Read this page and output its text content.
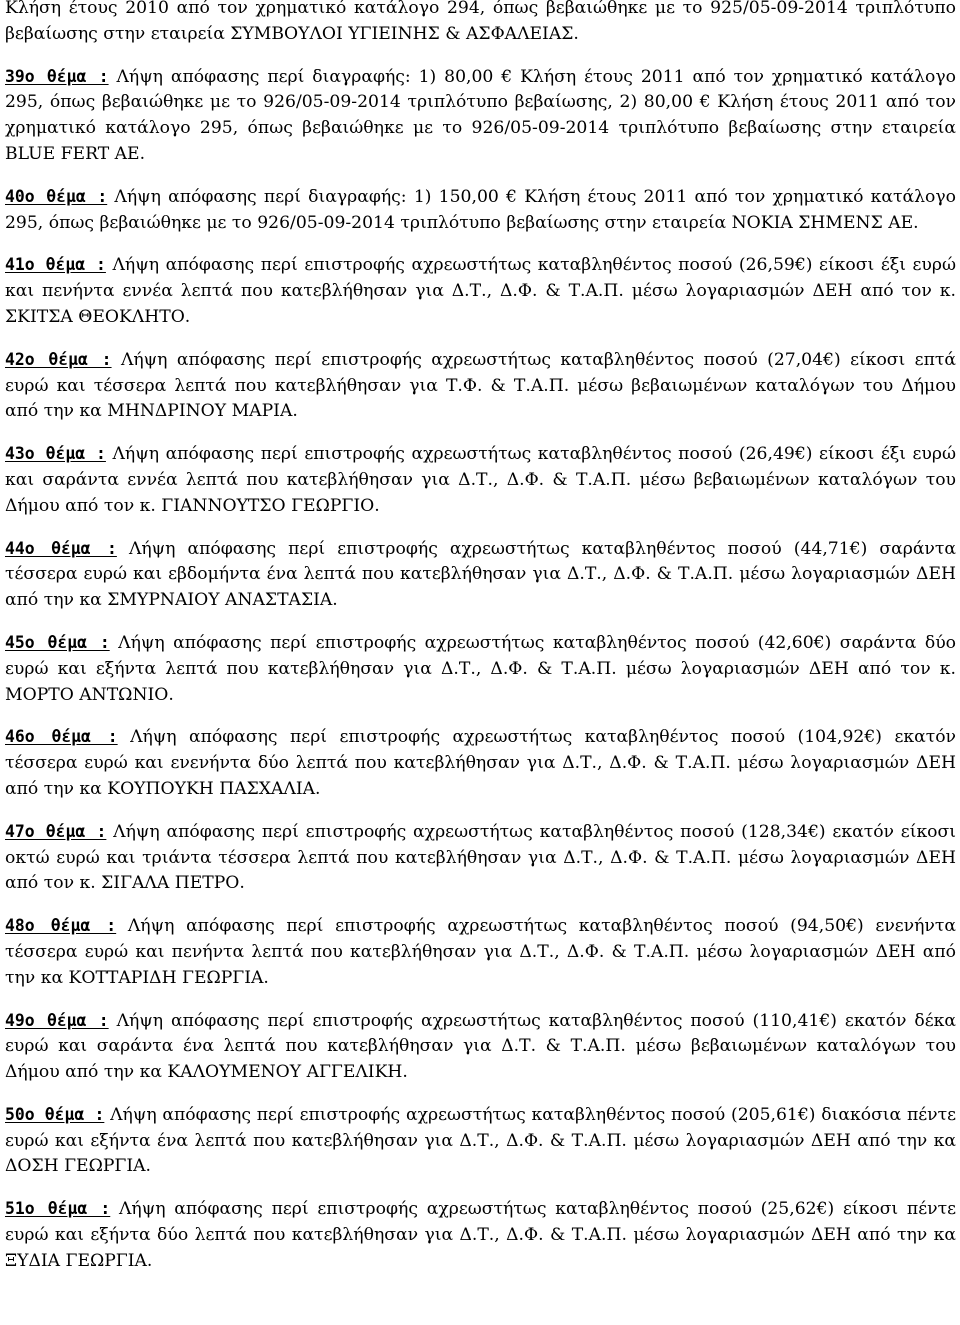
Κλήση έτους 2010 από τον χρηματικό κατάλογο 294, όπως βεβαιώθηκε με το 925/05-09-2014 τριπλότυπο βεβαίωσης στην εταιρεία ΣΥΜΒΟΥΛΟΙ ΥΓΙΕΙΝΗΣ & ΑΣΦΑΛΕΙΑΣ.

39ο θέμα : Λήψη απόφασης περί διαγραφής: 1) 80,00 € Κλήση έτους 2011 από τον χρηματικό κατάλογο 295, όπως βεβαιώθηκε με το 926/05-09-2014 τριπλότυπο βεβαίωσης, 2) 80,00 € Κλήση έτους 2011 από τον χρηματικό κατάλογο 295, όπως βεβαιώθηκε με το 926/05-09-2014 τριπλότυπο βεβαίωσης στην εταιρεία BLUE FERT AE.

40ο θέμα : Λήψη απόφασης περί διαγραφής: 1) 150,00 € Κλήση έτους 2011 από τον χρηματικό κατάλογο 295, όπως βεβαιώθηκε με το 926/05-09-2014 τριπλότυπο βεβαίωσης στην εταιρεία ΝΟΚΙΑ ΣΗΜΕΝΣ ΑΕ.

41ο θέμα : Λήψη απόφασης περί επιστροφής αχρεωστήτως καταβληθέντος ποσού (26,59€) είκοσι έξι ευρώ και πενήντα εννέα λεπτά που κατεβλήθησαν για Δ.Τ., Δ.Φ. & Τ.Α.Π. μέσω λογαριασμών ΔΕΗ από τον κ. ΣΚΙΤΣΑ ΘΕΟΚΛΗΤΟ.

42ο θέμα : Λήψη απόφασης περί επιστροφής αχρεωστήτως καταβληθέντος ποσού (27,04€) είκοσι επτά ευρώ και τέσσερα λεπτά που κατεβλήθησαν για Τ.Φ. & Τ.Α.Π. μέσω βεβαιωμένων καταλόγων του Δήμου από την κα ΜΗΝΔΡΙΝΟΥ ΜΑΡΙΑ.

43ο θέμα : Λήψη απόφασης περί επιστροφής αχρεωστήτως καταβληθέντος ποσού (26,49€) είκοσι έξι ευρώ και σαράντα εννέα λεπτά που κατεβλήθησαν για Δ.Τ., Δ.Φ. & Τ.Α.Π. μέσω βεβαιωμένων καταλόγων του Δήμου από τον κ. ΓΙΑΝΝΟΥΤΣΟ ΓΕΩΡΓΙΟ.

44ο θέμα : Λήψη απόφασης περί επιστροφής αχρεωστήτως καταβληθέντος ποσού (44,71€) σαράντα τέσσερα ευρώ και εβδομήντα ένα λεπτά που κατεβλήθησαν για Δ.Τ., Δ.Φ. & Τ.Α.Π. μέσω λογαριασμών ΔΕΗ από την κα ΣΜΥΡΝΑΙΟΥ ΑΝΑΣΤΑΣΙΑ.

45ο θέμα : Λήψη απόφασης περί επιστροφής αχρεωστήτως καταβληθέντος ποσού (42,60€) σαράντα δύο ευρώ και εξήντα λεπτά που κατεβλήθησαν για Δ.Τ., Δ.Φ. & Τ.Α.Π. μέσω λογαριασμών ΔΕΗ από τον κ. ΜΟΡΤΟ ΑΝΤΩΝΙΟ.

46ο θέμα : Λήψη απόφασης περί επιστροφής αχρεωστήτως καταβληθέντος ποσού (104,92€) εκατόν τέσσερα ευρώ και ενενήντα δύο λεπτά που κατεβλήθησαν για Δ.Τ., Δ.Φ. & Τ.Α.Π. μέσω λογαριασμών ΔΕΗ από την κα ΚΟΥΠΟΥΚΗ ΠΑΣΧΑΛΙΑ.

47ο θέμα : Λήψη απόφασης περί επιστροφής αχρεωστήτως καταβληθέντος ποσού (128,34€) εκατόν είκοσι οκτώ ευρώ και τριάντα τέσσερα λεπτά που κατεβλήθησαν για Δ.Τ., Δ.Φ. & Τ.Α.Π. μέσω λογαριασμών ΔΕΗ από τον κ. ΣΙΓΑΛΑ ΠΕΤΡΟ.

48ο θέμα : Λήψη απόφασης περί επιστροφής αχρεωστήτως καταβληθέντος ποσού (94,50€) ενενήντα τέσσερα ευρώ και πενήντα λεπτά που κατεβλήθησαν για Δ.Τ., Δ.Φ. & Τ.Α.Π. μέσω λογαριασμών ΔΕΗ από την κα ΚΟΤΤΑΡΙΔΗ ΓΕΩΡΓΙΑ.

49ο θέμα : Λήψη απόφασης περί επιστροφής αχρεωστήτως καταβληθέντος ποσού (110,41€) εκατόν δέκα ευρώ και σαράντα ένα λεπτά που κατεβλήθησαν για Δ.Τ. & Τ.Α.Π. μέσω βεβαιωμένων καταλόγων του Δήμου από την κα ΚΑΛΟΥΜΕΝΟΥ ΑΓΓΕΛΙΚΗ.

50ο θέμα : Λήψη απόφασης περί επιστροφής αχρεωστήτως καταβληθέντος ποσού (205,61€) διακόσια πέντε ευρώ και εξήντα ένα λεπτά που κατεβλήθησαν για Δ.Τ., Δ.Φ. & Τ.Α.Π. μέσω λογαριασμών ΔΕΗ από την κα ΔΟΣΗ ΓΕΩΡΓΙΑ.

51ο θέμα : Λήψη απόφασης περί επιστροφής αχρεωστήτως καταβληθέντος ποσού (25,62€) είκοσι πέντε ευρώ και εξήντα δύο λεπτά που κατεβλήθησαν για Δ.Τ., Δ.Φ. & Τ.Α.Π. μέσω λογαριασμών ΔΕΗ από την κα ΞΥΔΙΑ ΓΕΩΡΓΙΑ.
